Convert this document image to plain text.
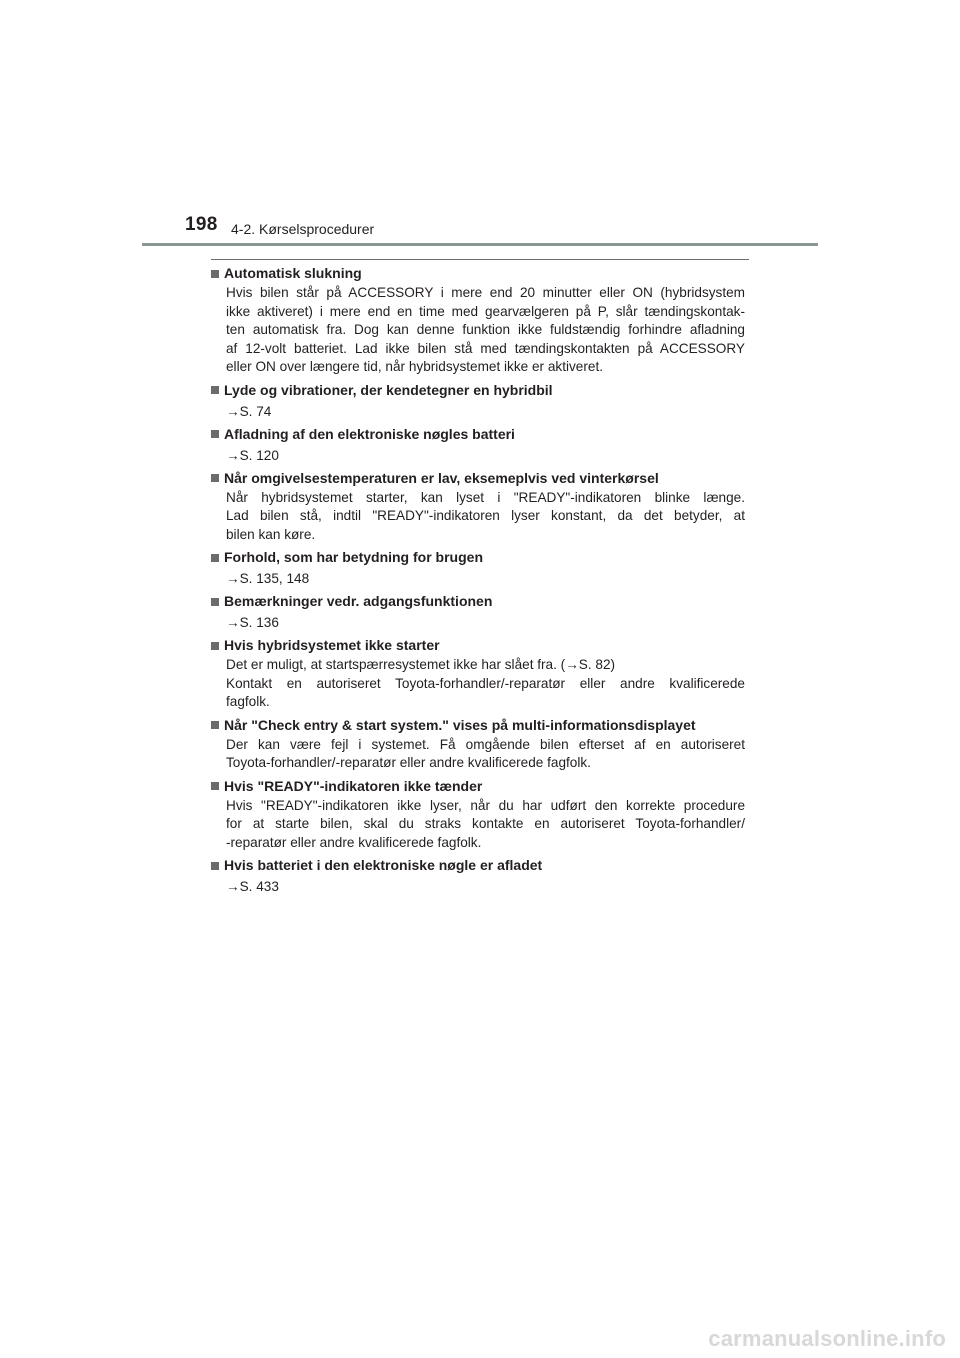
198 4-2. Kørselsprocedurer
Automatisk slukning
Hvis bilen står på ACCESSORY i mere end 20 minutter eller ON (hybridsystem
ikke aktiveret) i mere end en time med gearvælgeren på P, slår tændingskontak-
ten automatisk fra. Dog kan denne funktion ikke fuldstændig forhindre afladning
af 12-volt batteriet. Lad ikke bilen stå med tændingskontakten på ACCESSORY
eller ON over længere tid, når hybridsystemet ikke er aktiveret.
Lyde og vibrationer, der kendetegner en hybridbil
→S. 74
Afladning af den elektroniske nøgles batteri
→S. 120
Når omgivelsestemperaturen er lav, eksemeplvis ved vinterkørsel
Når hybridsystemet starter, kan lyset i "READY"-indikatoren blinke længe.
Lad bilen stå, indtil "READY"-indikatoren lyser konstant, da det betyder, at
bilen kan køre.
Forhold, som har betydning for brugen
→S. 135, 148
Bemærkninger vedr. adgangsfunktionen
→S. 136
Hvis hybridsystemet ikke starter
Det er muligt, at startspærresystemet ikke har slået fra. (→S. 82)
Kontakt en autoriseret Toyota-forhandler/-reparatør eller andre kvalificerede
fagfolk.
Når "Check entry & start system." vises på multi-informationsdisplayet
Der kan være fejl i systemet. Få omgående bilen efterset af en autoriseret
Toyota-forhandler/-reparatør eller andre kvalificerede fagfolk.
Hvis "READY"-indikatoren ikke tænder
Hvis "READY"-indikatoren ikke lyser, når du har udført den korrekte procedure
for at starte bilen, skal du straks kontakte en autoriseret Toyota-forhandler/
-reparatør eller andre kvalificerede fagfolk.
Hvis batteriet i den elektroniske nøgle er afladet
→S. 433
carmanualsonline.info
